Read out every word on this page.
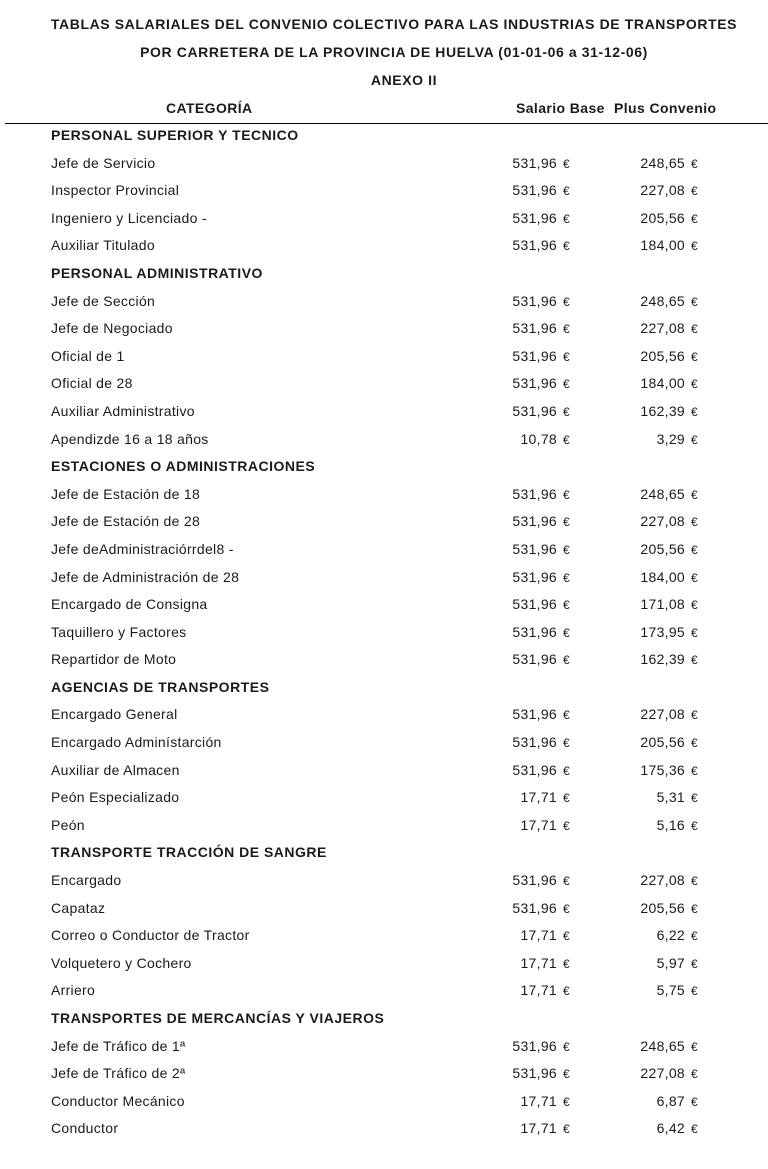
TABLAS SALARIALES DEL CONVENIO COLECTIVO PARA LAS INDUSTRIAS DE TRANSPORTES
POR CARRETERA DE LA PROVINCIA DE HUELVA (01-01-06 a 31-12-06)
ANEXO II
CATEGORÍA	Salario Base Plus Convenio
PERSONAL SUPERIOR Y TECNICO
Jefe de Servicio	531,96 €	248,65 €
Inspector Provincial	531,96 €	227,08 €
Ingeniero y Licenciado -	531,96 €	205,56 €
Auxiliar Titulado	531,96 €	184,00 €
PERSONAL ADMINISTRATIVO
Jefe de Sección	531,96 €	248,65 €
Jefe de Negociado	531,96 €	227,08 €
Oficial de 1	531,96 €	205,56 €
Oficial de 28	531,96 €	184,00 €
Auxiliar Administrativo	531,96 €	162,39 €
Apendizde 16 a 18 años	10,78 €	3,29 €
ESTACIONES O ADMINISTRACIONES
Jefe de Estación de 18	531,96 €	248,65 €
Jefe de Estación de 28	531,96 €	227,08 €
Jefe deAdministraciórrdel8 -	531,96 €	205,56 €
Jefe de Administración de 28	531,96 €	184,00 €
Encargado de Consigna	531,96 €	171,08 €
Taquillero y Factores	531,96 €	173,95 €
Repartidor de Moto	531,96 €	162,39 €
AGENCIAS DE TRANSPORTES
Encargado General	531,96 €	227,08 €
Encargado Adminístarción	531,96 €	205,56 €
Auxiliar de Almacen	531,96 €	175,36 €
Peón Especializado	17,71 €	5,31 €
Peón	17,71 €	5,16 €
TRANSPORTE TRACCIÓN DE SANGRE
Encargado	531,96 €	227,08 €
Capataz	531,96 €	205,56 €
Correo o Conductor de Tractor	17,71 €	6,22 €
Volquetero y Cochero	17,71 €	5,97 €
Arriero	17,71 €	5,75 €
TRANSPORTES DE MERCANCÍAS Y VIAJEROS
Jefe de Tráfico de 1ª	531,96 €	248,65 €
Jefe de Tráfico de 2ª	531,96 €	227,08 €
Conductor Mecánico	17,71 €	6,87 €
Conductor	17,71 €	6,42 €
